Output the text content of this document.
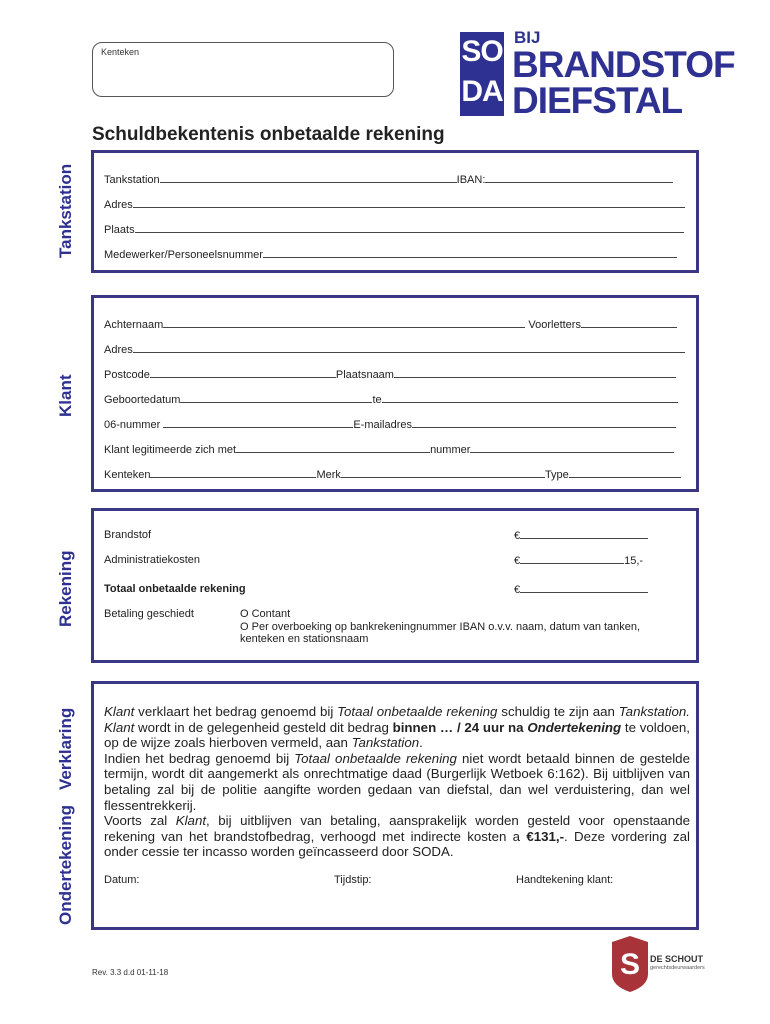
Kenteken	SO
DA
BIJ
BRANDSTOF
DIEFSTAL
Schuldbekentenis onbetaalde rekening
Tankstation	Tankstation	IBAN:
Adres
Plaats
Medewerker/Personeelsnummer
Klant
Achternaam	Voorletters
Adres
Postcode	Plaatsnaam
Geboortedatum	te
06-nummer	E-mailadres
Klant legitimeerde zich met	nummer
Kenteken	Merk	Type
Rekening
Brandstof	€
Administratiekosten	€	15,-
Totaal onbetaalde rekening	€
Betaling geschiedt	O Contant
O Per overboeking op bankrekeningnummer IBAN o.v.v. naam, datum van tanken,
kenteken en stationsnaam
Verklaring
Ondertekening

Klant verklaart het bedrag genoemd bij Totaal onbetaalde rekening schuldig te zijn aan Tankstation. Klant wordt in de gelegenheid gesteld dit bedrag binnen … / 24 uur na Ondertekening te voldoen, op de wijze zoals hierboven vermeld, aan Tankstation.

Indien het bedrag genoemd bij Totaal onbetaalde rekening niet wordt betaald binnen de gestelde termijn, wordt dit aangemerkt als onrechtmatige daad (Burgerlijk Wetboek 6:162). Bij uitblijven van betaling zal bij de politie aangifte worden gedaan van diefstal, dan wel verduistering, dan wel flessentrekkerij.

Voorts zal Klant, bij uitblijven van betaling, aansprakelijk worden gesteld voor openstaande rekening van het brandstofbedrag, verhoogd met indirecte kosten a €131,-. Deze vordering zal onder cessie ter incasso worden geïncasseerd door SODA.

Datum:	Tijdstip:	Handtekening klant:
Rev. 3.3 d.d 01-11-18	S DE SCHOUT
gerechtsdeurwaarders
